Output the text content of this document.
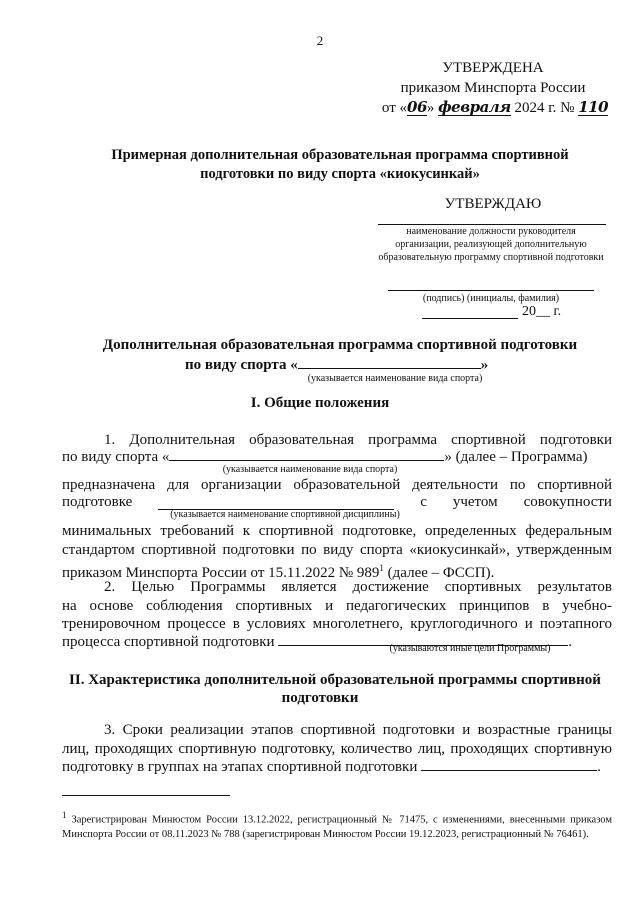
2
УТВЕРЖДЕНА
приказом Минспорта России
от «06» февраля 2024 г. № 110
Примерная дополнительная образовательная программа спортивной
подготовки по виду спорта «киокусинкай»
УТВЕРЖДАЮ
наименование должности руководителя
организации, реализующей дополнительную
образовательную программу спортивной подготовки
(подпись) (инициалы, фамилия)
20__ г.
Дополнительная образовательная программа спортивной подготовки
по виду спорта «	»
(указывается наименование вида спорта)
I. Общие положения
1. Дополнительная образовательная программа спортивной подготовки
по виду спорта «	» (далее – Программа)
(указывается наименование вида спорта)
предназначена для организации образовательной деятельности по спортивной
подготовке	с учетом совокупности
(указывается наименование спортивной дисциплины)
минимальных требований к спортивной подготовке, определенных федеральным
стандартом спортивной подготовки по виду спорта «киокусинкай», утвержденным
приказом Минспорта России от 15.11.2022 № $989^1$ (далее – ФССП).
2. Целью Программы является достижение спортивных результатов
на основе соблюдения спортивных и педагогических принципов в учебно-
тренировочном процессе в условиях многолетнего, круглогодичного и поэтапного
процесса спортивной подготовки	.
(указываются иные цели Программы)
II. Характеристика дополнительной образовательной программы спортивной
подготовки
3. Сроки реализации этапов спортивной подготовки и возрастные границы
лиц, проходящих спортивную подготовку, количество лиц, проходящих спортивную
подготовку в группах на этапах спортивной подготовки	.
$^1$ Зарегистрирован Минюстом России 13.12.2022, регистрационный № 71475, с изменениями, внесенными приказом Минспорта России от 08.11.2023 № 788 (зарегистрирован Минюстом России 19.12.2023, регистрационный № 76461).
